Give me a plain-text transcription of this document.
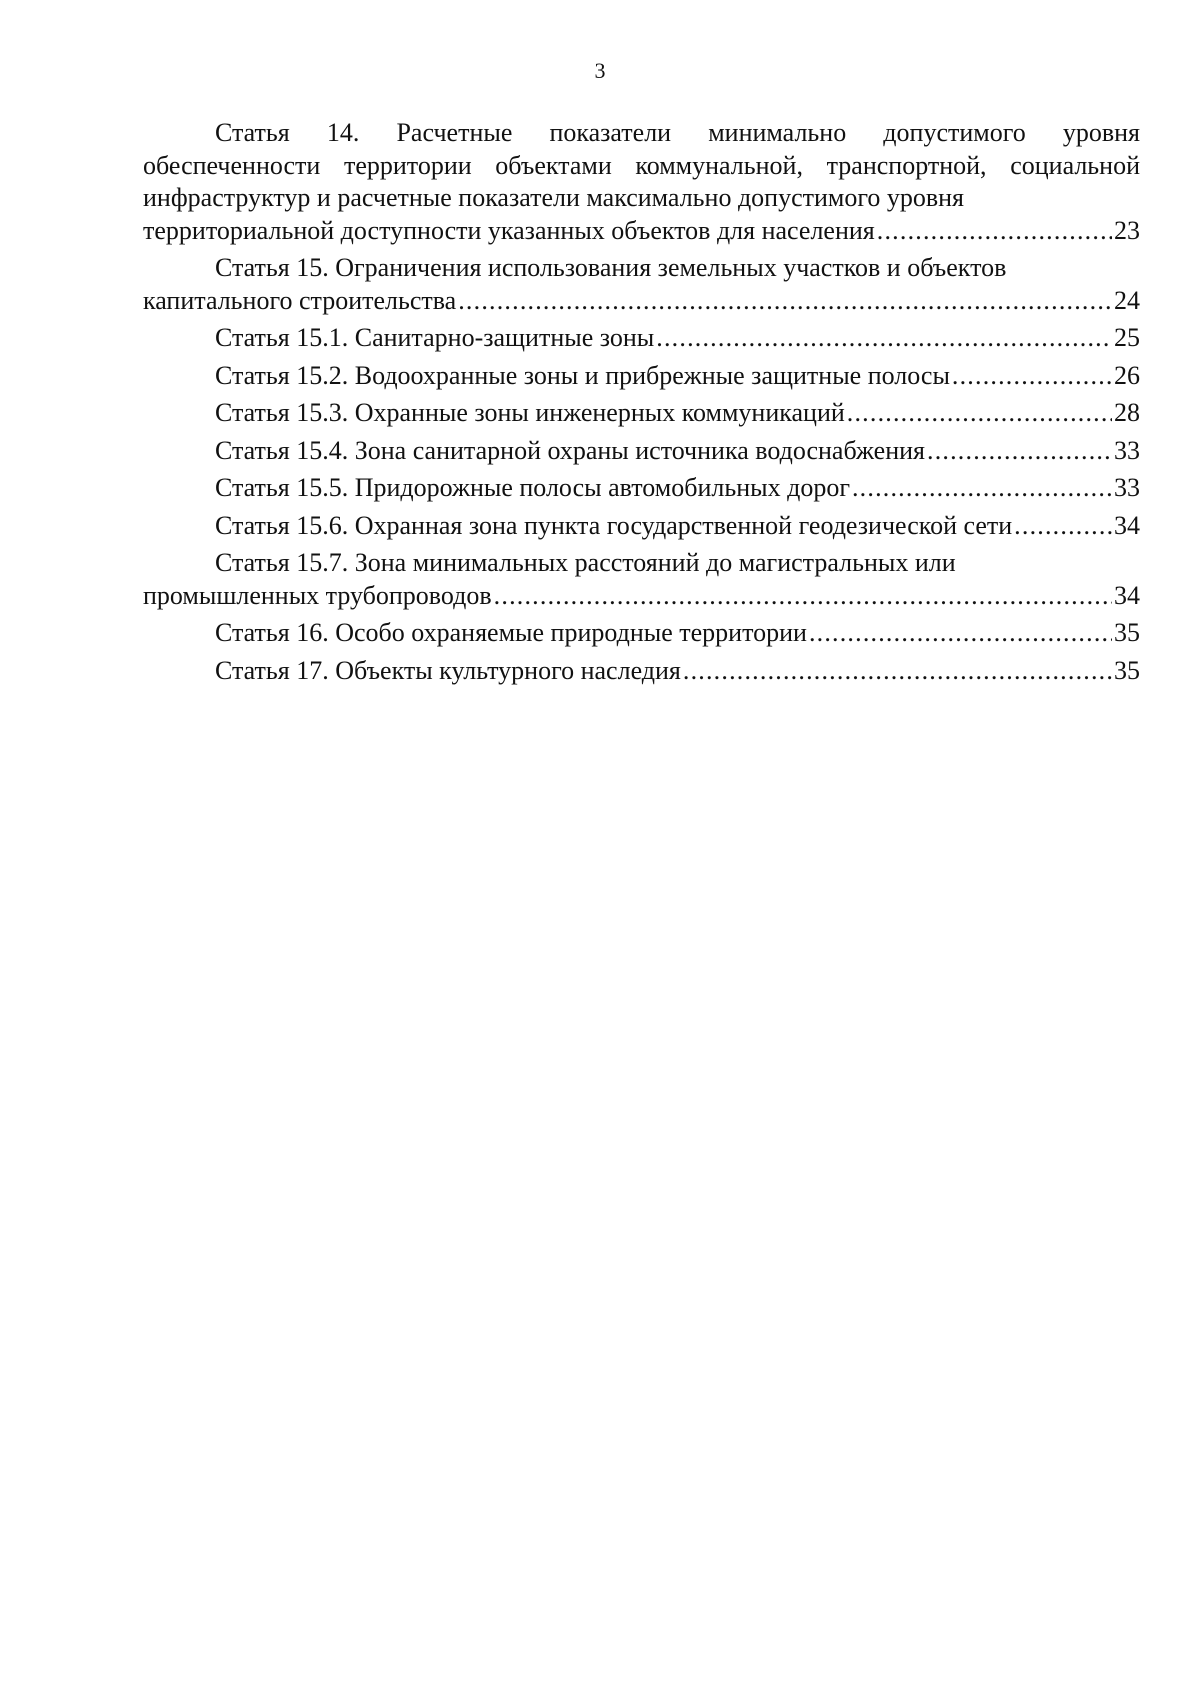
3
Статья 14. Расчетные показатели минимально допустимого уровня обеспеченности территории объектами коммунальной, транспортной, социальной инфраструктур и расчетные показатели максимально допустимого уровня
территориальной доступности указанных объектов для населения .....	23
Статья 15. Ограничения использования земельных участков и объектов
капитального строительства .....	24
Статья 15.1. Санитарно-защитные зоны .....	25
Статья 15.2. Водоохранные зоны и прибрежные защитные полосы .....	26
Статья 15.3. Охранные зоны инженерных коммуникаций .....	28
Статья 15.4. Зона санитарной охраны источника водоснабжения .....	33
Статья 15.5. Придорожные полосы автомобильных дорог .....	33
Статья 15.6. Охранная зона пункта государственной геодезической сети .....	34
Статья 15.7. Зона минимальных расстояний до магистральных или
промышленных трубопроводов .....	34
Статья 16. Особо охраняемые природные территории .....	35
Статья 17. Объекты культурного наследия .....	35
